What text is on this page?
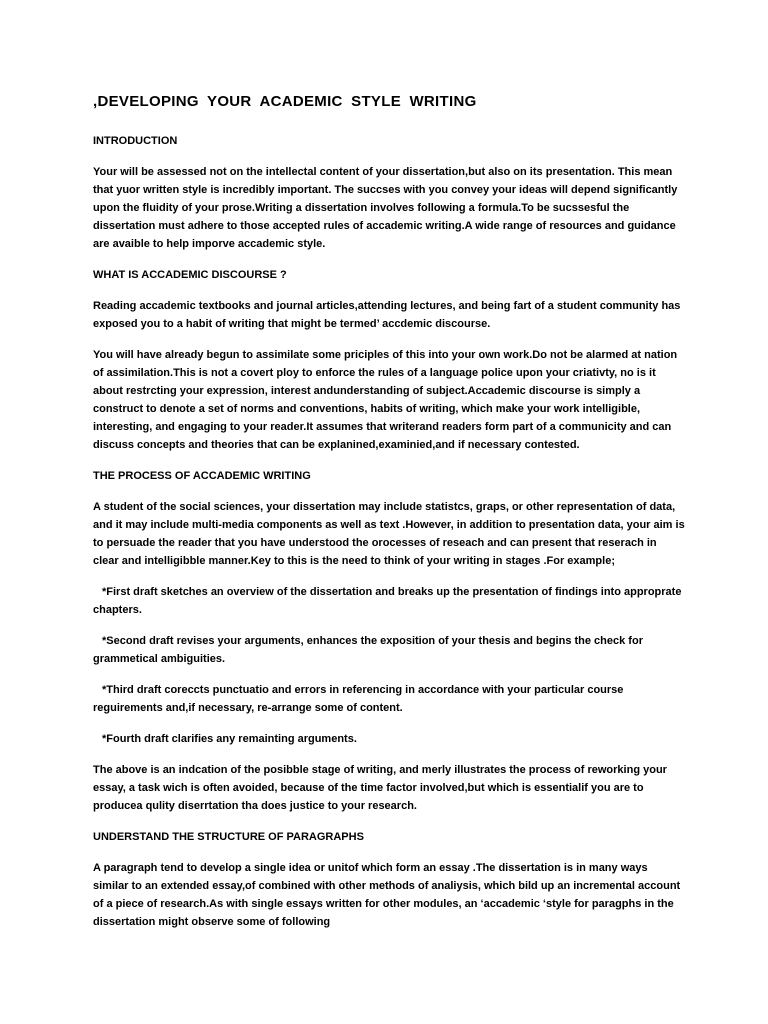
,DEVELOPING YOUR ACADEMIC STYLE WRITING
INTRODUCTION
Your will be assessed not on the intellectal content of your dissertation,but also on its presentation. This mean that yuor written style is incredibly important. The succses with you convey your ideas will depend significantly upon the fluidity of your prose.Writing a dissertation involves following a formula.To be sucssesful the dissertation must adhere to those accepted rules of accademic writing.A wide range of resources and guidance are avaible to help imporve accademic style.
WHAT IS ACCADEMIC DISCOURSE ?
Reading accademic textbooks and journal articles,attending lectures, and being fart of a student community has exposed you to a habit of writing that might be termed’ accdemic discourse.
You will have already begun to assimilate some priciples of this into your own work.Do not be alarmed at nation of assimilation.This is not a covert ploy to enforce the rules of a language police upon your criativty, no is it about restrcting your expression, interest andunderstanding of subject.Accademic discourse is simply a construct to denote a set of norms and conventions, habits of writing, which make your work intelligible, interesting, and engaging to your reader.It assumes that writerand readers form part of a communicity and can discuss concepts and theories that can be explanined,examinied,and if necessary contested.
THE PROCESS OF ACCADEMIC WRITING
A student of the social sciences, your dissertation may include statistcs, graps, or other representation of data, and it may include multi-media components as well as text .However, in addition to presentation data, your aim is to persuade the reader that you have understood the orocesses of reseach and can present that reserach in clear and intelligibble manner.Key to this is the need to think of your writing in stages .For example;
*First draft sketches an overview of the dissertation and breaks up the presentation of findings into approprate chapters.
*Second draft revises your arguments, enhances the exposition of your thesis and begins the check for grammetical ambiguities.
*Third draft corecсts punctuatio and errors in referencing in accordance with your particular course reguirements and,if necessary, re-arrange some of content.
*Fourth draft clarifies any remainting arguments.
The above is an indcation of the posibble stage of writing, and merly illustrates the process of reworking your essay, a task wich is often avoided, because of the time factor involved,but which is essentialif you are to producea qulity diserrtation tha does justice to your research.
UNDERSTAND THE STRUCTURE OF PARAGRAPHS
A paragraph tend to develop a single idea or unitof which form an essay .The dissertation is in many ways similar to an extended essay,of combined with other methods of analiysis, which bild up an incremental account of a piece of research.As with single essays written for other modules, an ‘accademic ‘style for paragphs in the dissertation might observe some of following
